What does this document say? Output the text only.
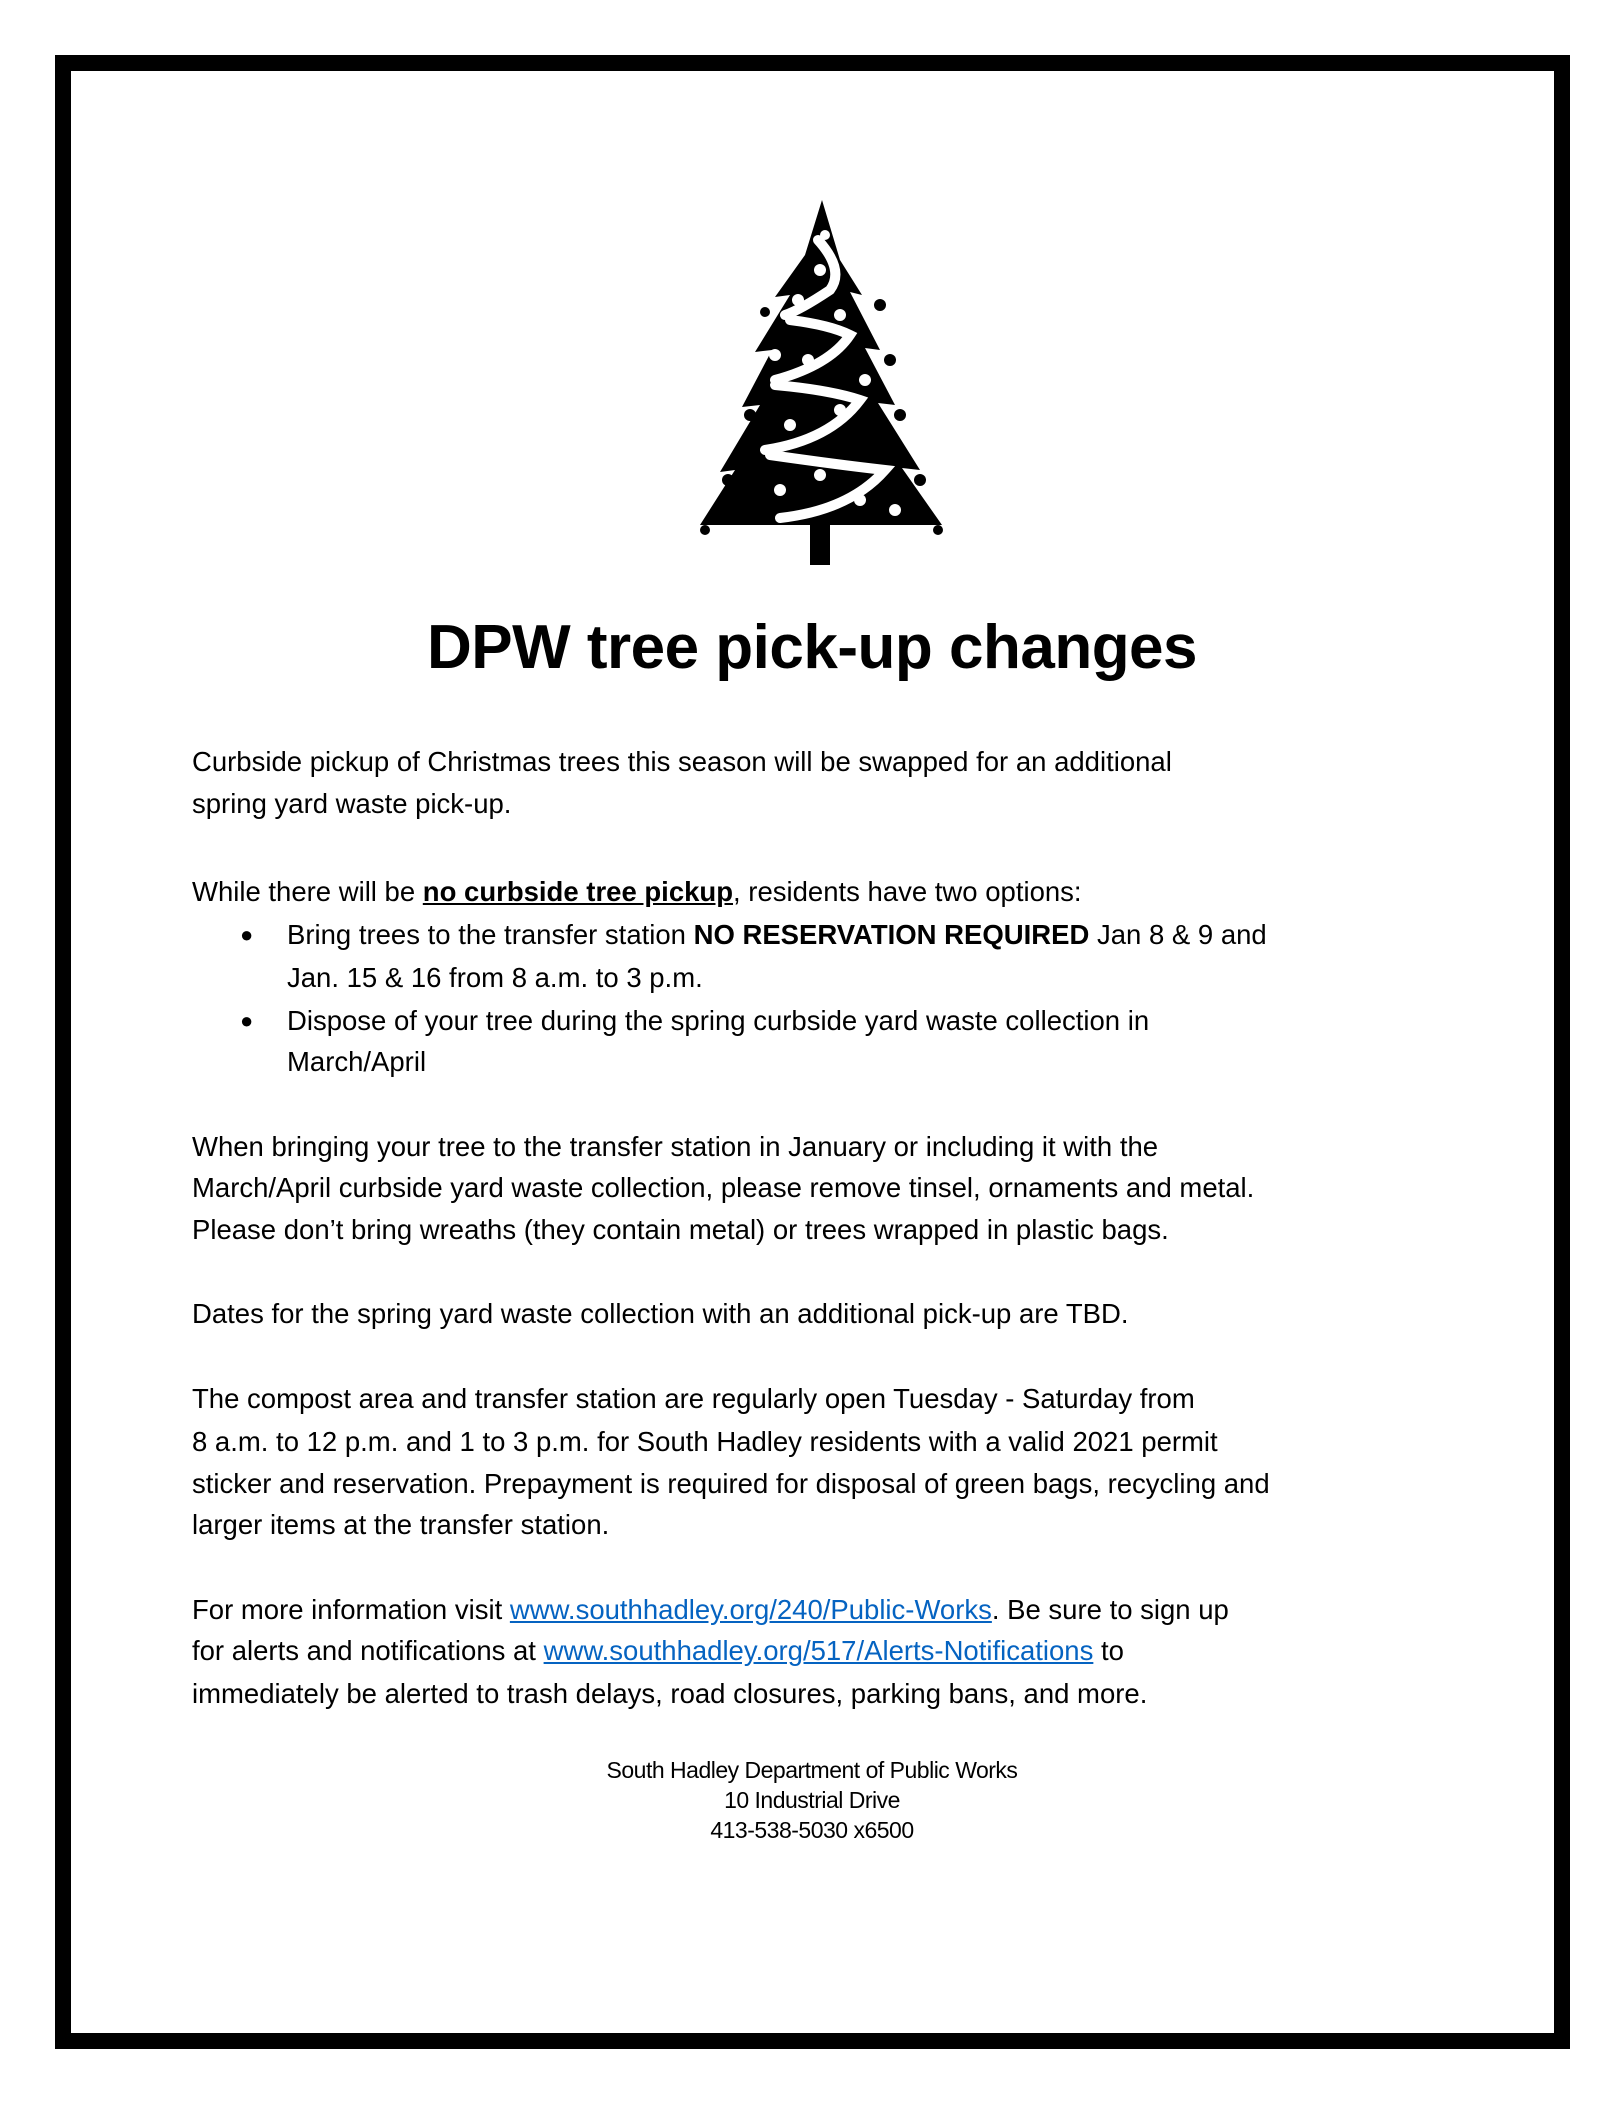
DPW tree pick-up changes
Curbside pickup of Christmas trees this season will be swapped for an additional
spring yard waste pick-up.
While there will be no curbside tree pickup, residents have two options:
● Bring trees to the transfer station NO RESERVATION REQUIRED Jan 8 & 9 and
Jan. 15 & 16 from 8 a.m. to 3 p.m.
● Dispose of your tree during the spring curbside yard waste collection in
March/April
When bringing your tree to the transfer station in January or including it with the
March/April curbside yard waste collection, please remove tinsel, ornaments and metal.
Please don’t bring wreaths (they contain metal) or trees wrapped in plastic bags.
Dates for the spring yard waste collection with an additional pick-up are TBD.
The compost area and transfer station are regularly open Tuesday - Saturday from
8 a.m. to 12 p.m. and 1 to 3 p.m. for South Hadley residents with a valid 2021 permit
sticker and reservation. Prepayment is required for disposal of green bags, recycling and
larger items at the transfer station.
For more information visit www.southhadley.org/240/Public-Works. Be sure to sign up
for alerts and notifications at www.southhadley.org/517/Alerts-Notifications to
immediately be alerted to trash delays, road closures, parking bans, and more.
South Hadley Department of Public Works
10 Industrial Drive
413-538-5030 x6500
